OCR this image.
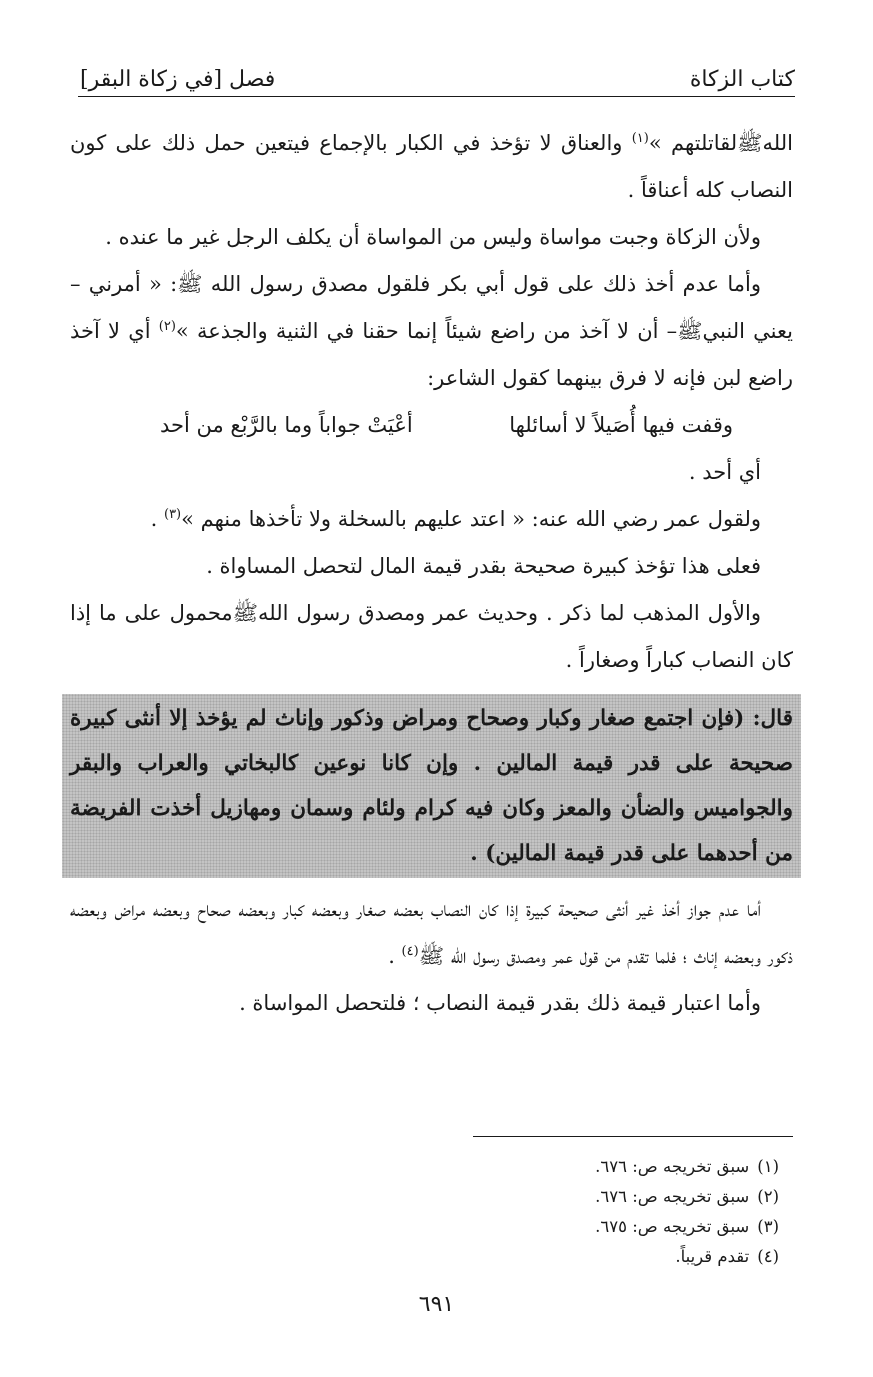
كتاب الزكاة
فصل [في زكاة البقر]

اللهﷺلقاتلتهم »$^{(١)}$ والعناق لا تؤخذ في الكبار بالإجماع فيتعين حمل ذلك على كون النصاب كله أعناقاً .

ولأن الزكاة وجبت مواساة وليس من المواساة أن يكلف الرجل غير ما عنده .

وأما عدم أخذ ذلك على قول أبي بكر فلقول مصدق رسول الله ﷺ: « أمرني – يعني النبيﷺ– أن لا آخذ من راضع شيئاً إنما حقنا في الثنية والجذعة »$^{(٢)}$ أي لا آخذ راضع لبن فإنه لا فرق بينهما كقول الشاعر:

وقفت فيها أُصَيلاً لا أسائلها
أعْيَتْ جواباً وما بالرَّبْع من أحد

أي أحد .

ولقول عمر رضي الله عنه: « اعتد عليهم بالسخلة ولا تأخذها منهم »$^{(٣)}$ .

فعلى هذا تؤخذ كبيرة صحيحة بقدر قيمة المال لتحصل المساواة .

والأول المذهب لما ذكر . وحديث عمر ومصدق رسول اللهﷺمحمول على ما إذا كان النصاب كباراً وصغاراً .

قال: (فإن اجتمع صغار وكبار وصحاح ومراض وذكور وإناث لم يؤخذ إلا أنثى كبيرة صحيحة على قدر قيمة المالين . وإن كانا نوعين كالبخاتي والعراب والبقر والجواميس والضأن والمعز وكان فيه كرام ولئام وسمان ومهازيل أخذت الفريضة من أحدهما على قدر قيمة المالين) .

أما عدم جواز أخذ غير أنثى صحيحة كبيرة إذا كان النصاب بعضه صغار وبعضه كبار وبعضه صحاح وبعضه مراض وبعضه ذكور وبعضه إناث ؛ فلما تقدم من قول عمر ومصدق رسول الله ﷺ$^{(٤)}$ .

وأما اعتبار قيمة ذلك بقدر قيمة النصاب ؛ فلتحصل المواساة .

(١)
سبق تخريجه ص: ٦٧٦.
(٢)
سبق تخريجه ص: ٦٧٦.
(٣)
سبق تخريجه ص: ٦٧٥.
(٤)
تقدم قريباً.
٦٩١
